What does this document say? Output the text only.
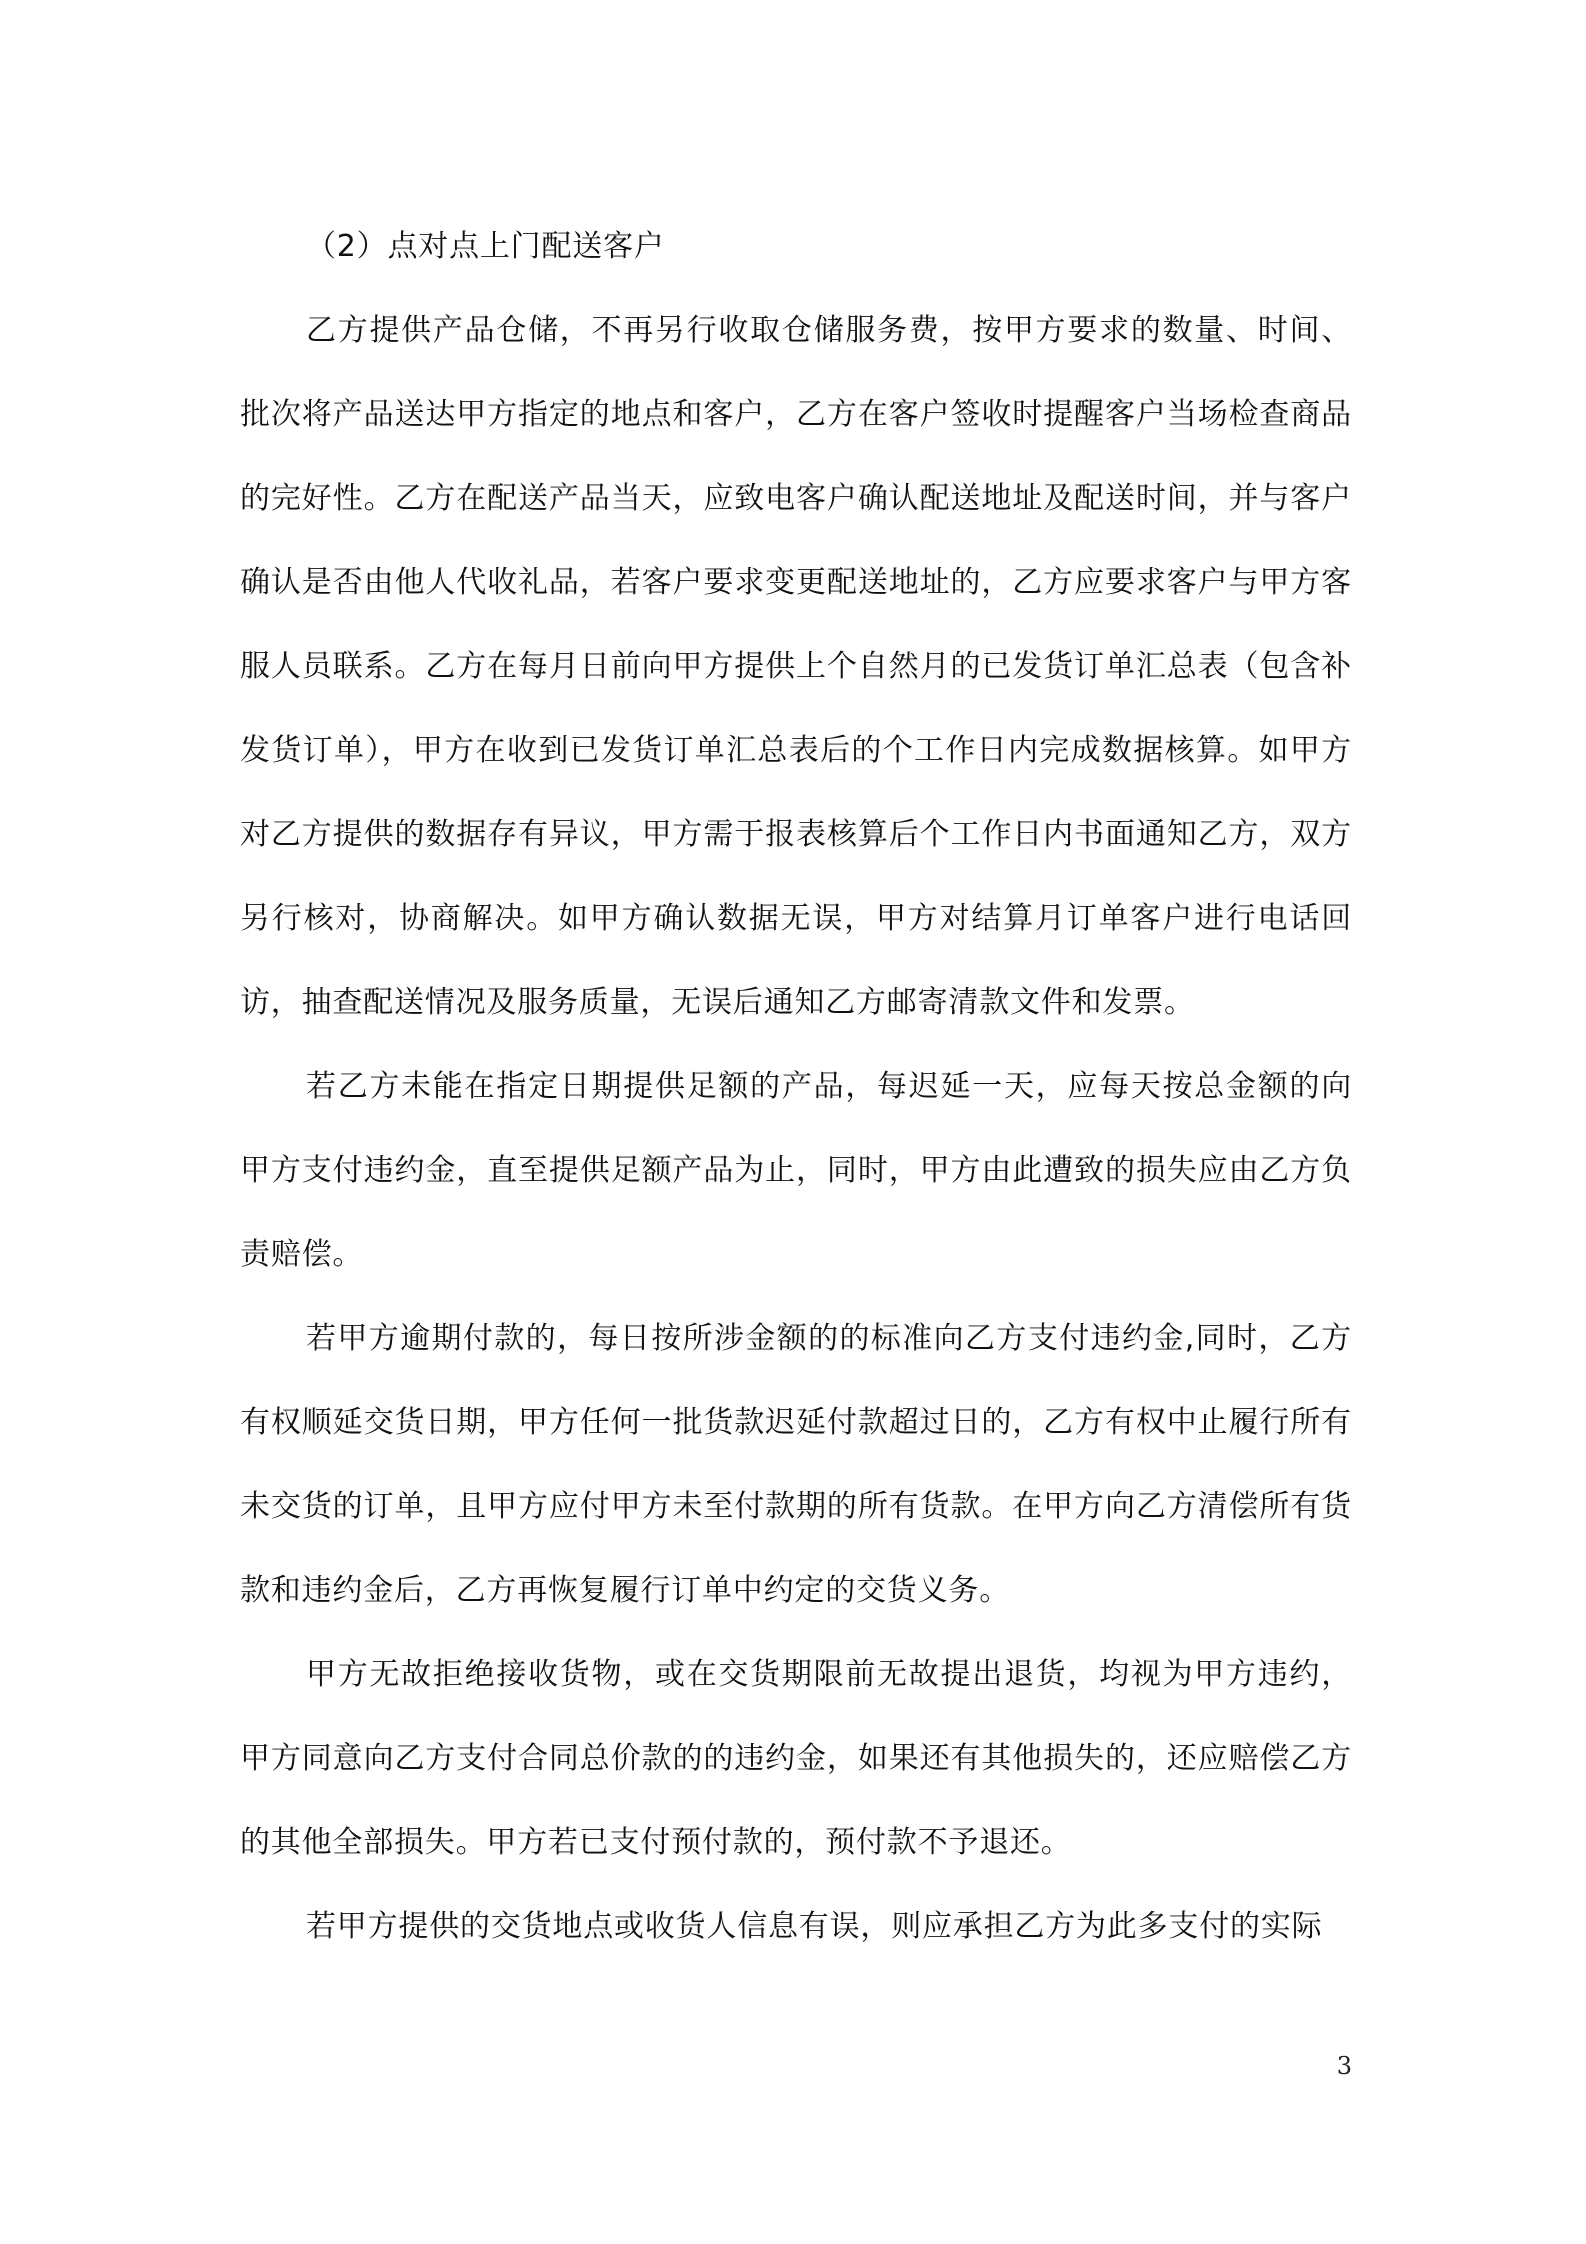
（2）点对点上门配送客户

乙方提供产品仓储，不再另行收取仓储服务费，按甲方要求的数量、时间、批次将产品送达甲方指定的地点和客户，乙方在客户签收时提醒客户当场检查商品的完好性。乙方在配送产品当天，应致电客户确认配送地址及配送时间，并与客户确认是否由他人代收礼品，若客户要求变更配送地址的，乙方应要求客户与甲方客服人员联系。乙方在每月日前向甲方提供上个自然月的已发货订单汇总表（包含补发货订单），甲方在收到已发货订单汇总表后的个工作日内完成数据核算。如甲方对乙方提供的数据存有异议，甲方需于报表核算后个工作日内书面通知乙方，双方另行核对，协商解决。如甲方确认数据无误，甲方对结算月订单客户进行电话回访，抽查配送情况及服务质量，无误后通知乙方邮寄清款文件和发票。

若乙方未能在指定日期提供足额的产品，每迟延一天，应每天按总金额的向甲方支付违约金，直至提供足额产品为止，同时，甲方由此遭致的损失应由乙方负责赔偿。

若甲方逾期付款的，每日按所涉金额的的标准向乙方支付违约金,同时，乙方有权顺延交货日期，甲方任何一批货款迟延付款超过日的，乙方有权中止履行所有未交货的订单，且甲方应付甲方未至付款期的所有货款。在甲方向乙方清偿所有货款和违约金后，乙方再恢复履行订单中约定的交货义务。

甲方无故拒绝接收货物，或在交货期限前无故提出退货，均视为甲方违约，甲方同意向乙方支付合同总价款的的违约金，如果还有其他损失的，还应赔偿乙方的其他全部损失。甲方若已支付预付款的，预付款不予退还。

若甲方提供的交货地点或收货人信息有误，则应承担乙方为此多支付的实际

3
